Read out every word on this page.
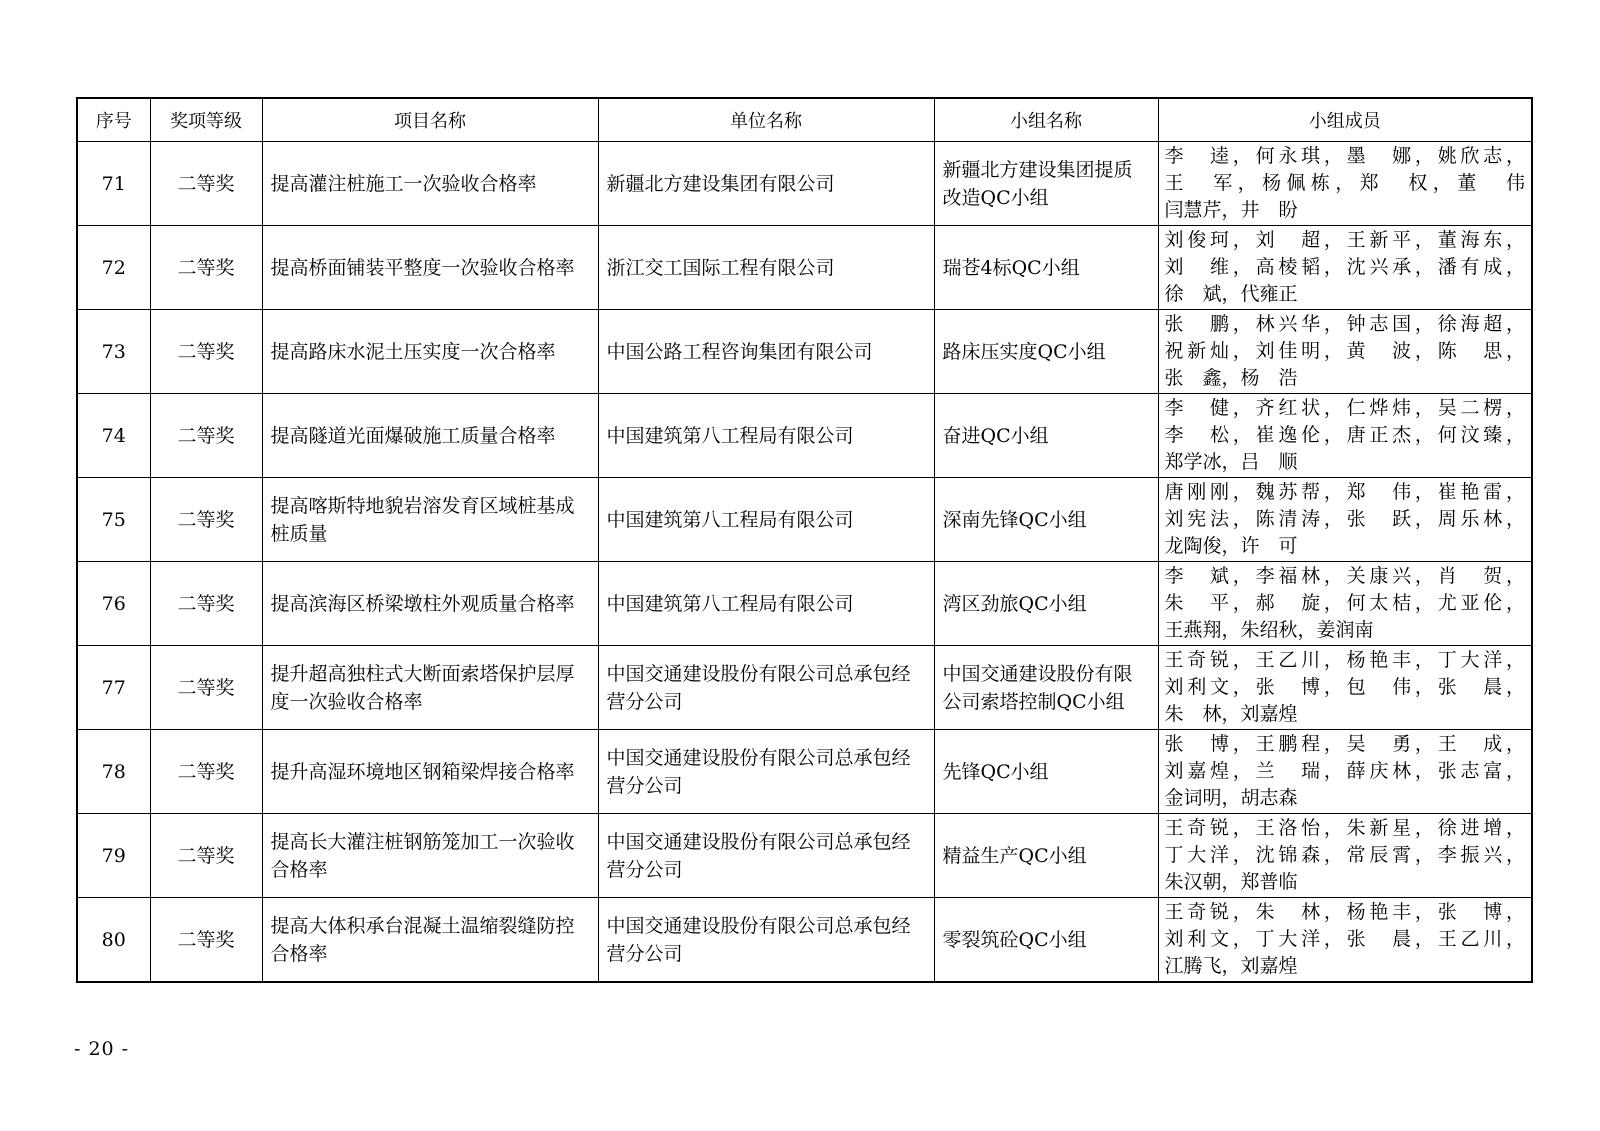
序号	奖项等级	项目名称	单位名称	小组名称	小组成员
71	二等奖	提高灌注桩施工一次验收合格率	新疆北方建设集团有限公司	新疆北方建设集团提质改造QC小组	李　逵，何永琪，墨　娜，姚欣志，
王　军，杨佩栋，郑　权，董　伟
闫慧芹，井　盼

72	二等奖	提高桥面铺装平整度一次验收合格率	浙江交工国际工程有限公司	瑞苍4标QC小组	刘俊珂，刘　超，王新平，董海东，
刘　维，高棱韬，沈兴承，潘有成，
徐　斌，代雍正

73	二等奖	提高路床水泥土压实度一次合格率	中国公路工程咨询集团有限公司	路床压实度QC小组	张　鹏，林兴华，钟志国，徐海超，
祝新灿，刘佳明，黄　波，陈　思，
张　鑫，杨　浩

74	二等奖	提高隧道光面爆破施工质量合格率	中国建筑第八工程局有限公司	奋进QC小组	李　健，齐红状，仁烨炜，吴二楞，
李　松，崔逸伦，唐正杰，何汶臻，
郑学冰，吕　顺

75	二等奖	提高喀斯特地貌岩溶发育区域桩基成桩质量	中国建筑第八工程局有限公司	深南先锋QC小组	唐刚刚，魏苏帮，郑　伟，崔艳雷，
刘宪法，陈清涛，张　跃，周乐林，
龙陶俊，许　可

76	二等奖	提高滨海区桥梁墩柱外观质量合格率	中国建筑第八工程局有限公司	湾区劲旅QC小组	李　斌，李福林，关康兴，肖　贺，
朱　平，郝　旋，何太桔，尤亚伦，
王燕翔，朱绍秋，姜润南

77	二等奖	提升超高独柱式大断面索塔保护层厚度一次验收合格率	中国交通建设股份有限公司总承包经营分公司	中国交通建设股份有限公司索塔控制QC小组	王奇锐，王乙川，杨艳丰，丁大洋，
刘利文，张　博，包　伟，张　晨，
朱　林，刘嘉煌

78	二等奖	提升高湿环境地区钢箱梁焊接合格率	中国交通建设股份有限公司总承包经营分公司	先锋QC小组	张　博，王鹏程，吴　勇，王　成，
刘嘉煌，兰　瑞，薛庆林，张志富，
金词明，胡志森

79	二等奖	提高长大灌注桩钢筋笼加工一次验收合格率	中国交通建设股份有限公司总承包经营分公司	精益生产QC小组	王奇锐，王洛怡，朱新星，徐进增，
丁大洋，沈锦森，常辰霄，李振兴，
朱汉朝，郑普临

80	二等奖	提高大体积承台混凝土温缩裂缝防控合格率	中国交通建设股份有限公司总承包经营分公司	零裂筑砼QC小组	王奇锐，朱　林，杨艳丰，张　博，
刘利文，丁大洋，张　晨，王乙川，
江腾飞，刘嘉煌
- 20 -
